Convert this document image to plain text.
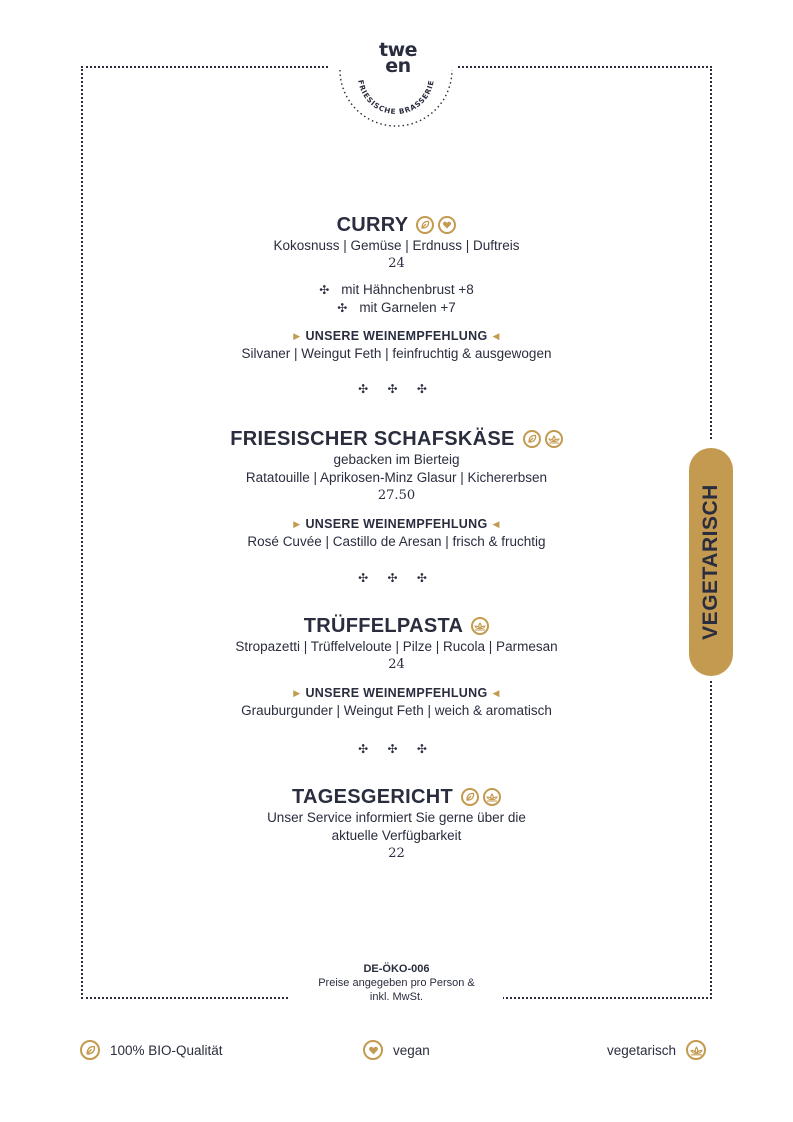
FRIESISCHE BRASSERIE
twe
en
VEGETARISCH
CURRY
Kokosnuss | Gemüse | Erdnuss | Duftreis
24
✣ mit Hähnchenbrust +8
✣ mit Garnelen +7
▶ UNSERE WEINEMPFEHLUNG ◀
Silvaner | Weingut Feth | feinfruchtig & ausgewogen
✣ ✣ ✣
FRIESISCHER SCHAFSKÄSE
gebacken im Bierteig
Ratatouille | Aprikosen-Minz Glasur | Kichererbsen
27.50
▶ UNSERE WEINEMPFEHLUNG ◀
Rosé Cuvée | Castillo de Aresan | frisch & fruchtig
✣ ✣ ✣
TRÜFFELPASTA
Stropazetti | Trüffelveloute | Pilze | Rucola | Parmesan
24
▶ UNSERE WEINEMPFEHLUNG ◀
Grauburgunder | Weingut Feth | weich & aromatisch
✣ ✣ ✣
TAGESGERICHT
Unser Service informiert Sie gerne über die
aktuelle Verfügbarkeit
22
DE-ÖKO-006
Preise angegeben pro Person &
inkl. MwSt.
100% BIO-Qualität	vegan	vegetarisch
